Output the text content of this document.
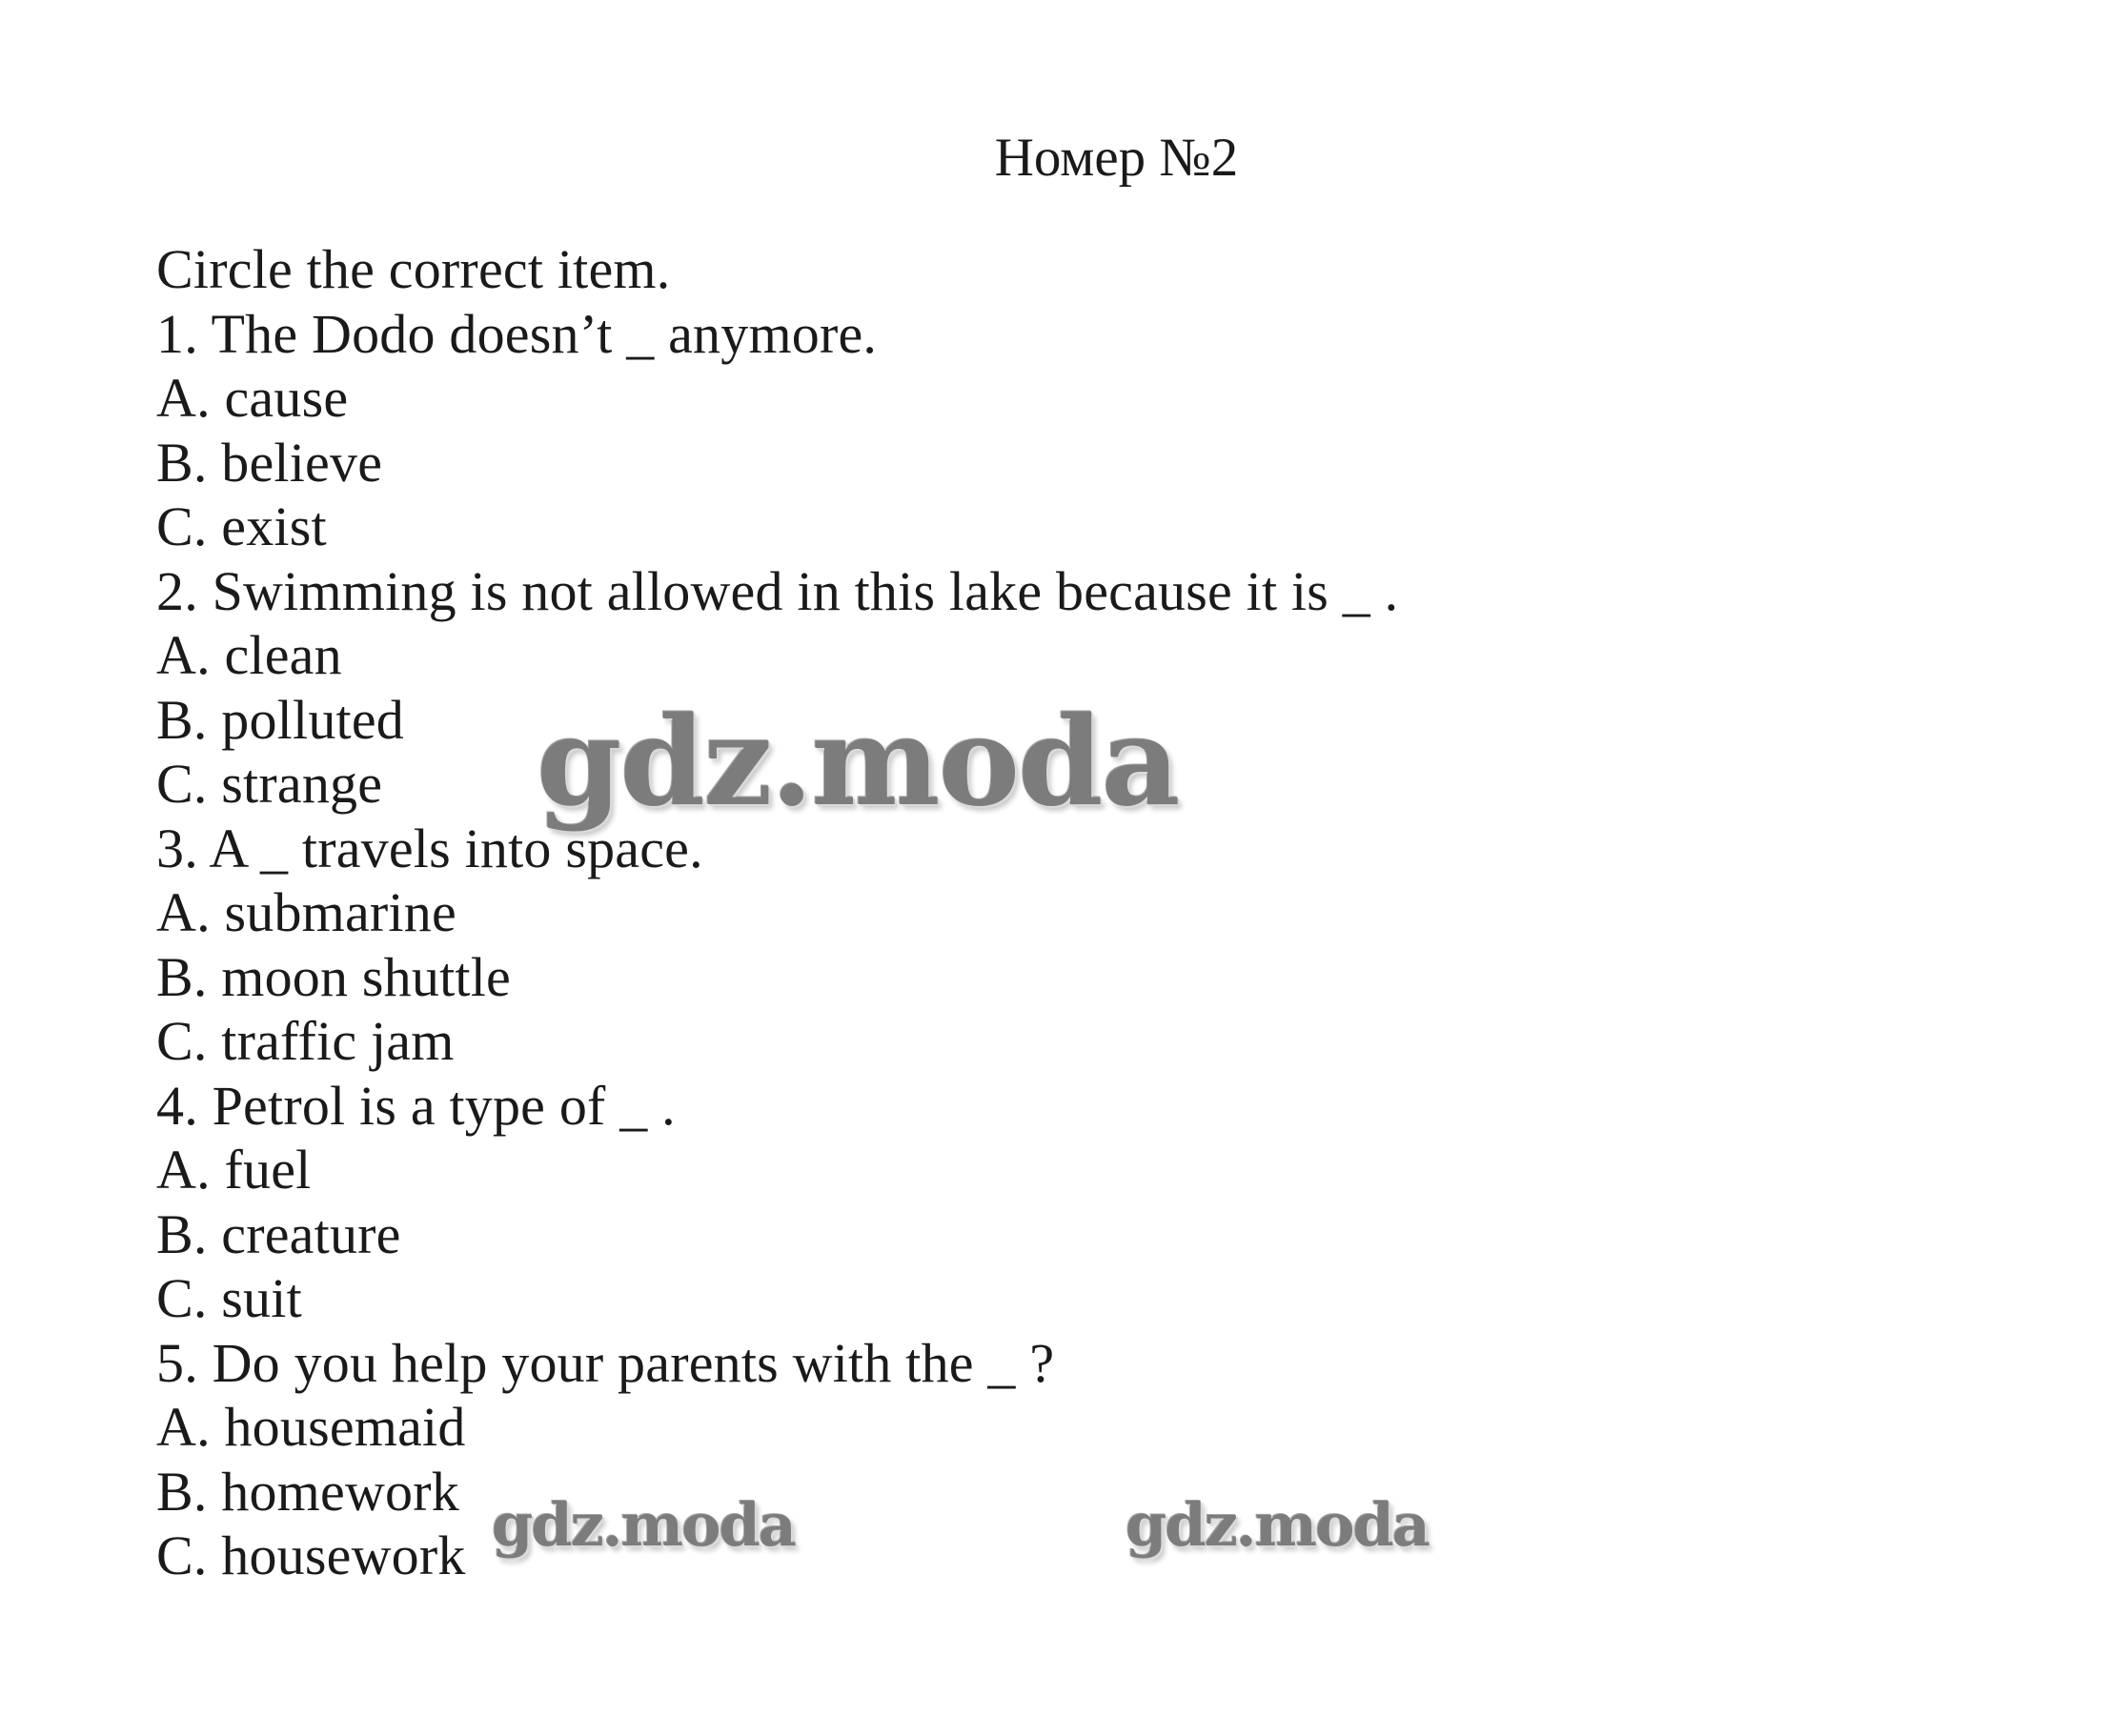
Номер №2
Circle the correct item.
1. The Dodo doesn’t _ anymore.
A. cause
B. believe
C. exist
2. Swimming is not allowed in this lake because it is _ .
A. clean
B. polluted
C. strange
3. A _ travels into space.
A. submarine
B. moon shuttle
C. traffic jam
4. Petrol is a type of _ .
A. fuel
B. creature
C. suit
5. Do you help your parents with the _ ?
A. housemaid
B. homework
C. housework
gdz.moda
gdz.moda	gdz.moda
